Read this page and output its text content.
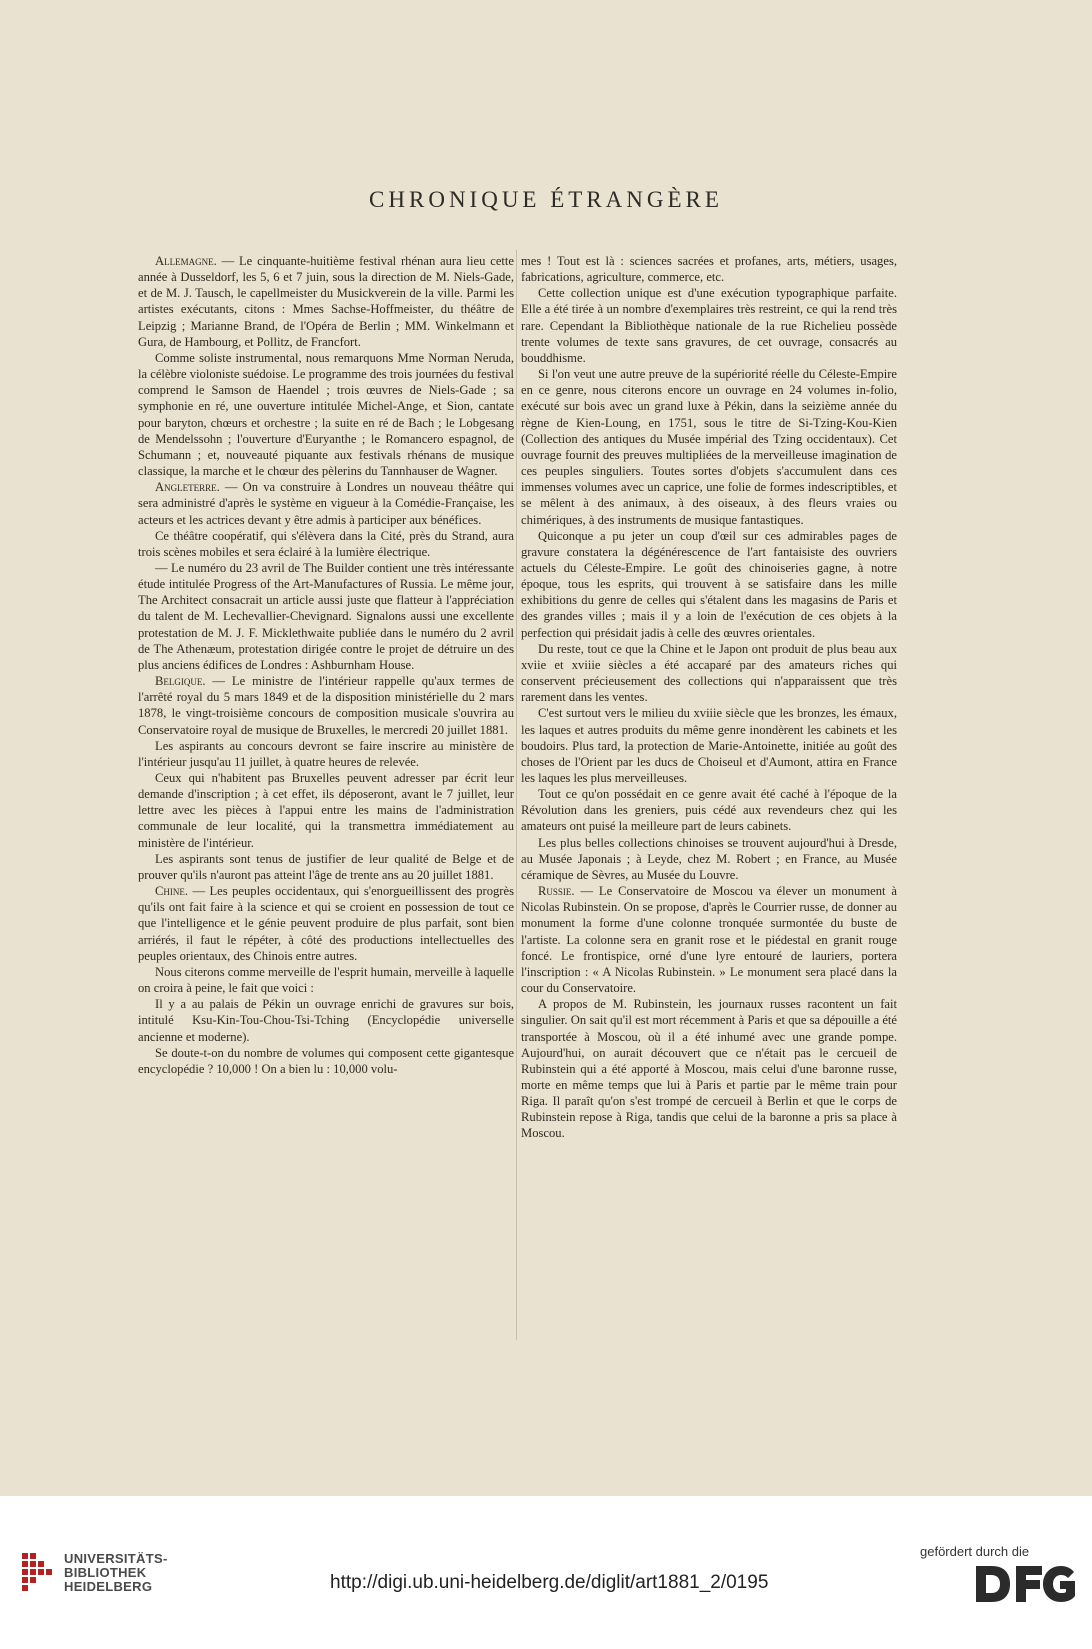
CHRONIQUE ÉTRANGÈRE

Allemagne. — Le cinquante-huitième festival rhénan aura lieu cette année à Dusseldorf, les 5, 6 et 7 juin, sous la direction de M. Niels-Gade, et de M. J. Tausch, le capellmeister du Musickverein de la ville. Parmi les artistes exécutants, citons : Mmes Sachse-Hoffmeister, du théâtre de Leipzig ; Marianne Brand, de l'Opéra de Berlin ; MM. Winkelmann et Gura, de Hambourg, et Pollitz, de Francfort.

Comme soliste instrumental, nous remarquons Mme Norman Neruda, la célèbre violoniste suédoise. Le programme des trois journées du festival comprend le Samson de Haendel ; trois œuvres de Niels-Gade ; sa symphonie en ré, une ouverture intitulée Michel-Ange, et Sion, cantate pour baryton, chœurs et orchestre ; la suite en ré de Bach ; le Lobgesang de Mendelssohn ; l'ouverture d'Euryanthe ; le Romancero espagnol, de Schumann ; et, nouveauté piquante aux festivals rhénans de musique classique, la marche et le chœur des pèlerins du Tannhauser de Wagner.

Angleterre. — On va construire à Londres un nouveau théâtre qui sera administré d'après le système en vigueur à la Comédie-Française, les acteurs et les actrices devant y être admis à participer aux bénéfices.

Ce théâtre coopératif, qui s'élèvera dans la Cité, près du Strand, aura trois scènes mobiles et sera éclairé à la lumière électrique.

— Le numéro du 23 avril de The Builder contient une très intéressante étude intitulée Progress of the Art-Manufactures of Russia. Le même jour, The Architect consacrait un article aussi juste que flatteur à l'appréciation du talent de M. Lechevallier-Chevignard. Signalons aussi une excellente protestation de M. J. F. Micklethwaite publiée dans le numéro du 2 avril de The Athenæum, protestation dirigée contre le projet de détruire un des plus anciens édifices de Londres : Ashburnham House.

Belgique. — Le ministre de l'intérieur rappelle qu'aux termes de l'arrêté royal du 5 mars 1849 et de la disposition ministérielle du 2 mars 1878, le vingt-troisième concours de composition musicale s'ouvrira au Conservatoire royal de musique de Bruxelles, le mercredi 20 juillet 1881.

Les aspirants au concours devront se faire inscrire au ministère de l'intérieur jusqu'au 11 juillet, à quatre heures de relevée.

Ceux qui n'habitent pas Bruxelles peuvent adresser par écrit leur demande d'inscription ; à cet effet, ils déposeront, avant le 7 juillet, leur lettre avec les pièces à l'appui entre les mains de l'administration communale de leur localité, qui la transmettra immédiatement au ministère de l'intérieur.

Les aspirants sont tenus de justifier de leur qualité de Belge et de prouver qu'ils n'auront pas atteint l'âge de trente ans au 20 juillet 1881.

Chine. — Les peuples occidentaux, qui s'enorgueillissent des progrès qu'ils ont fait faire à la science et qui se croient en possession de tout ce que l'intelligence et le génie peuvent produire de plus parfait, sont bien arriérés, il faut le répéter, à côté des productions intellectuelles des peuples orientaux, des Chinois entre autres.

Nous citerons comme merveille de l'esprit humain, merveille à laquelle on croira à peine, le fait que voici :

Il y a au palais de Pékin un ouvrage enrichi de gravures sur bois, intitulé Ksu-Kin-Tou-Chou-Tsi-Tching (Encyclopédie universelle ancienne et moderne).

Se doute-t-on du nombre de volumes qui composent cette gigantesque encyclopédie ? 10,000 ! On a bien lu : 10,000 volu-

mes ! Tout est là : sciences sacrées et profanes, arts, métiers, usages, fabrications, agriculture, commerce, etc.

Cette collection unique est d'une exécution typographique parfaite. Elle a été tirée à un nombre d'exemplaires très restreint, ce qui la rend très rare. Cependant la Bibliothèque nationale de la rue Richelieu possède trente volumes de texte sans gravures, de cet ouvrage, consacrés au bouddhisme.

Si l'on veut une autre preuve de la supériorité réelle du Céleste-Empire en ce genre, nous citerons encore un ouvrage en 24 volumes in-folio, exécuté sur bois avec un grand luxe à Pékin, dans la seizième année du règne de Kien-Loung, en 1751, sous le titre de Si-Tzing-Kou-Kien (Collection des antiques du Musée impérial des Tzing occidentaux). Cet ouvrage fournit des preuves multipliées de la merveilleuse imagination de ces peuples singuliers. Toutes sortes d'objets s'accumulent dans ces immenses volumes avec un caprice, une folie de formes indescriptibles, et se mêlent à des animaux, à des oiseaux, à des fleurs vraies ou chimériques, à des instruments de musique fantastiques.

Quiconque a pu jeter un coup d'œil sur ces admirables pages de gravure constatera la dégénérescence de l'art fantaisiste des ouvriers actuels du Céleste-Empire. Le goût des chinoiseries gagne, à notre époque, tous les esprits, qui trouvent à se satisfaire dans les mille exhibitions du genre de celles qui s'étalent dans les magasins de Paris et des grandes villes ; mais il y a loin de l'exécution de ces objets à la perfection qui présidait jadis à celle des œuvres orientales.

Du reste, tout ce que la Chine et le Japon ont produit de plus beau aux xviie et xviiie siècles a été accaparé par des amateurs riches qui conservent précieusement des collections qui n'apparaissent que très rarement dans les ventes.

C'est surtout vers le milieu du xviiie siècle que les bronzes, les émaux, les laques et autres produits du même genre inondèrent les cabinets et les boudoirs. Plus tard, la protection de Marie-Antoinette, initiée au goût des choses de l'Orient par les ducs de Choiseul et d'Aumont, attira en France les laques les plus merveilleuses.

Tout ce qu'on possédait en ce genre avait été caché à l'époque de la Révolution dans les greniers, puis cédé aux revendeurs chez qui les amateurs ont puisé la meilleure part de leurs cabinets.

Les plus belles collections chinoises se trouvent aujourd'hui à Dresde, au Musée Japonais ; à Leyde, chez M. Robert ; en France, au Musée céramique de Sèvres, au Musée du Louvre.

Russie. — Le Conservatoire de Moscou va élever un monument à Nicolas Rubinstein. On se propose, d'après le Courrier russe, de donner au monument la forme d'une colonne tronquée surmontée du buste de l'artiste. La colonne sera en granit rose et le piédestal en granit rouge foncé. Le frontispice, orné d'une lyre entouré de lauriers, portera l'inscription : « A Nicolas Rubinstein. » Le monument sera placé dans la cour du Conservatoire.

A propos de M. Rubinstein, les journaux russes racontent un fait singulier. On sait qu'il est mort récemment à Paris et que sa dépouille a été transportée à Moscou, où il a été inhumé avec une grande pompe. Aujourd'hui, on aurait découvert que ce n'était pas le cercueil de Rubinstein qui a été apporté à Moscou, mais celui d'une baronne russe, morte en même temps que lui à Paris et partie par le même train pour Riga. Il paraît qu'on s'est trompé de cercueil à Berlin et que le corps de Rubinstein repose à Riga, tandis que celui de la baronne a pris sa place à Moscou.

UNIVERSITÄTS-
BIBLIOTHEK
HEIDELBERG	http://digi.ub.uni-heidelberg.de/diglit/art1881_2/0195
gefördert durch die
